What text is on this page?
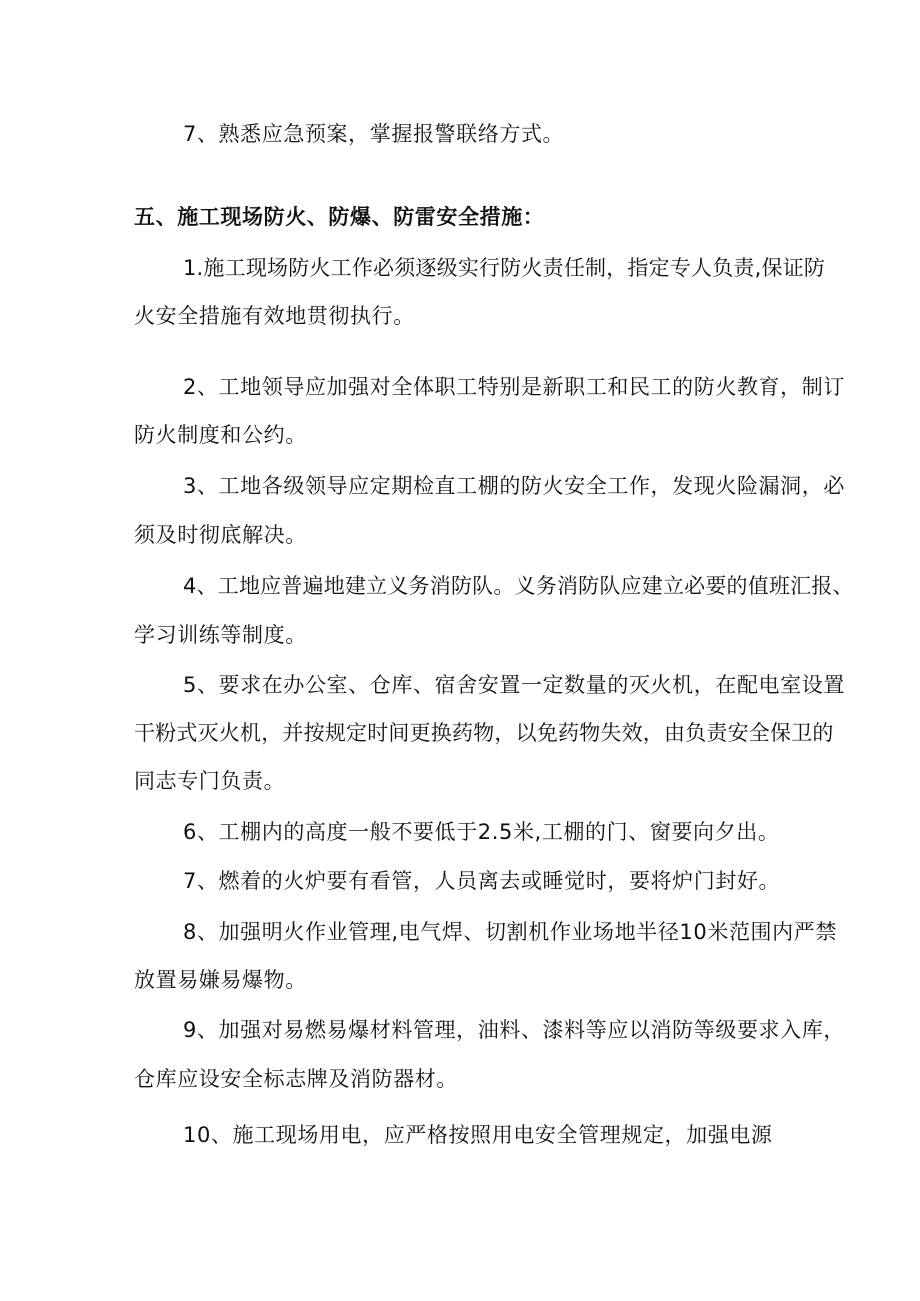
7、熟悉应急预案，掌握报警联络方式。

五、施工现场防火、防爆、防雷安全措施：

1.施工现场防火工作必须逐级实行防火责任制，指定专人负责,保证防

火安全措施有效地贯彻执行。

2、工地领导应加强对全体职工特别是新职工和民工的防火教育，制订

防火制度和公约。

3、工地各级领导应定期检直工棚的防火安全工作，发现火险漏洞，必

须及时彻底解决。

4、工地应普遍地建立义务消防队。义务消防队应建立必要的值班汇报、

学习训练等制度。

5、要求在办公室、仓库、宿舍安置一定数量的灭火机，在配电室设置

干粉式灭火机，并按规定时间更换药物，以免药物失效，由负责安全保卫的

同志专门负责。

6、工棚内的高度一般不要低于2.5米,工棚的门、窗要向夕出。

7、燃着的火炉要有看管，人员离去或睡觉时，要将炉门封好。

8、加强明火作业管理,电气焊、切割机作业场地半径10米范围内严禁

放置易嫌易爆物。

9、加强对易燃易爆材料管理，油料、漆料等应以消防等级要求入库，

仓库应设安全标志牌及消防器材。

10、施工现场用电，应严格按照用电安全管理规定，加强电源
